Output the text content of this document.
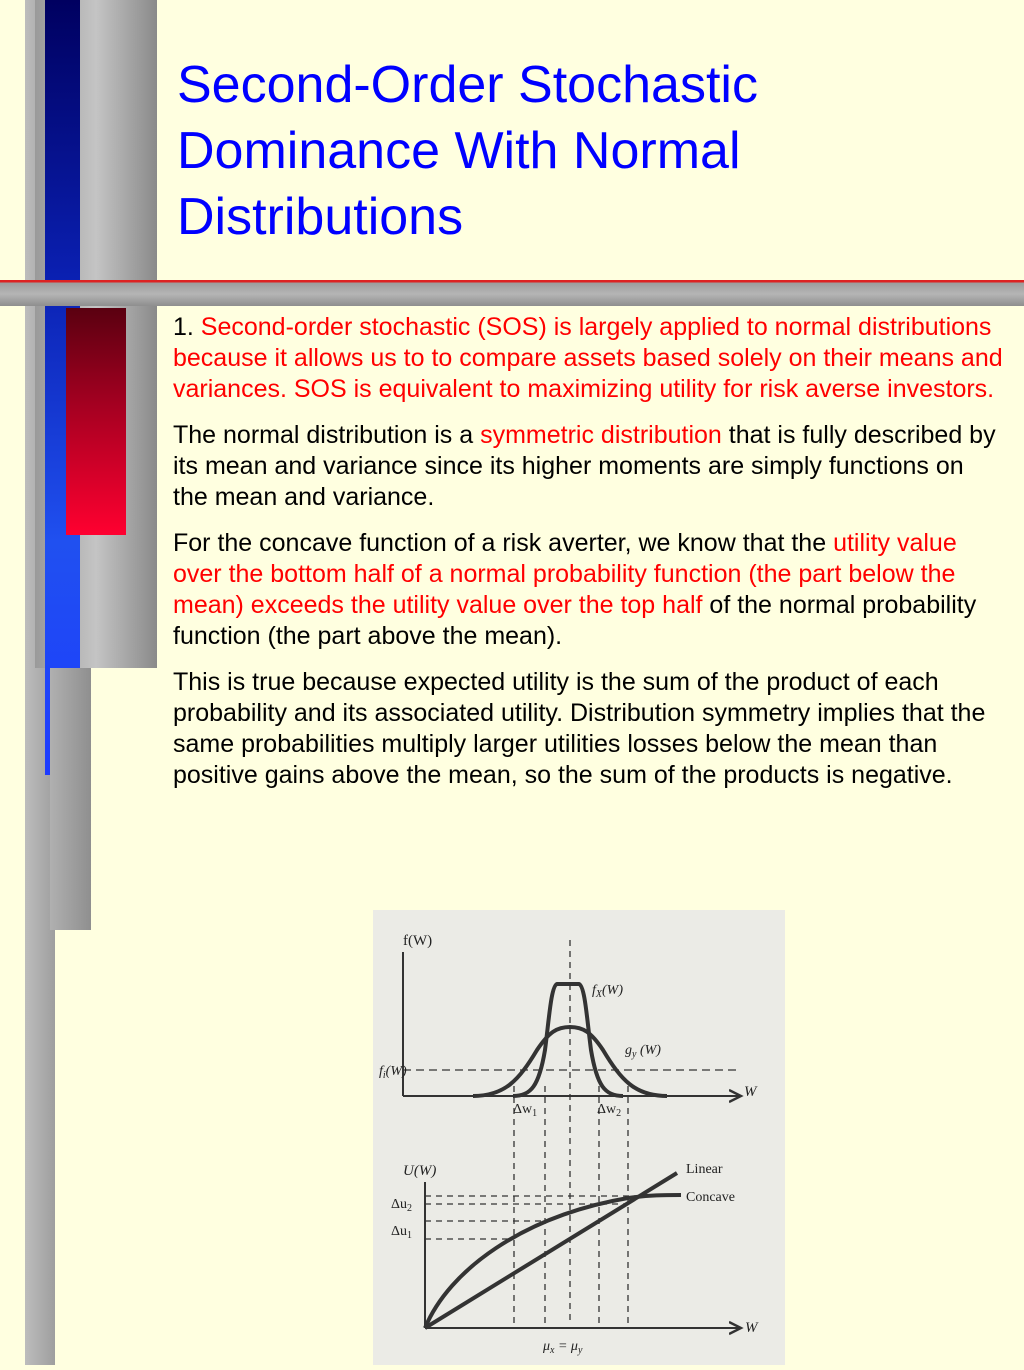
Second-Order Stochastic Dominance With Normal Distributions

1. Second-order stochastic (SOS) is largely applied to normal distributions because it allows us to to compare assets based solely on their means and variances. SOS is equivalent to maximizing utility for risk averse investors.

The normal distribution is a symmetric distribution that is fully described by its mean and variance since its higher moments are simply functions on the mean and variance.

For the concave function of a risk averter, we know that the utility value over the bottom half of a normal probability function (the part below the mean) exceeds the utility value over the top half of the normal probability function (the part above the mean).

This is true because expected utility is the sum of the product of each probability and its associated utility. Distribution symmetry implies that the same probabilities multiply larger utilities losses below the mean than positive gains above the mean, so the sum of the products is negative.

f(W)
W
$f_i(W)$
$f_X(W)$
$g_y$ (W)
$\Delta w_1$	$\Delta w_2$
U(W)
W
$\Delta u_2$
$\Delta u_1$
Linear
Concave
$\mu_x = \mu_y$
